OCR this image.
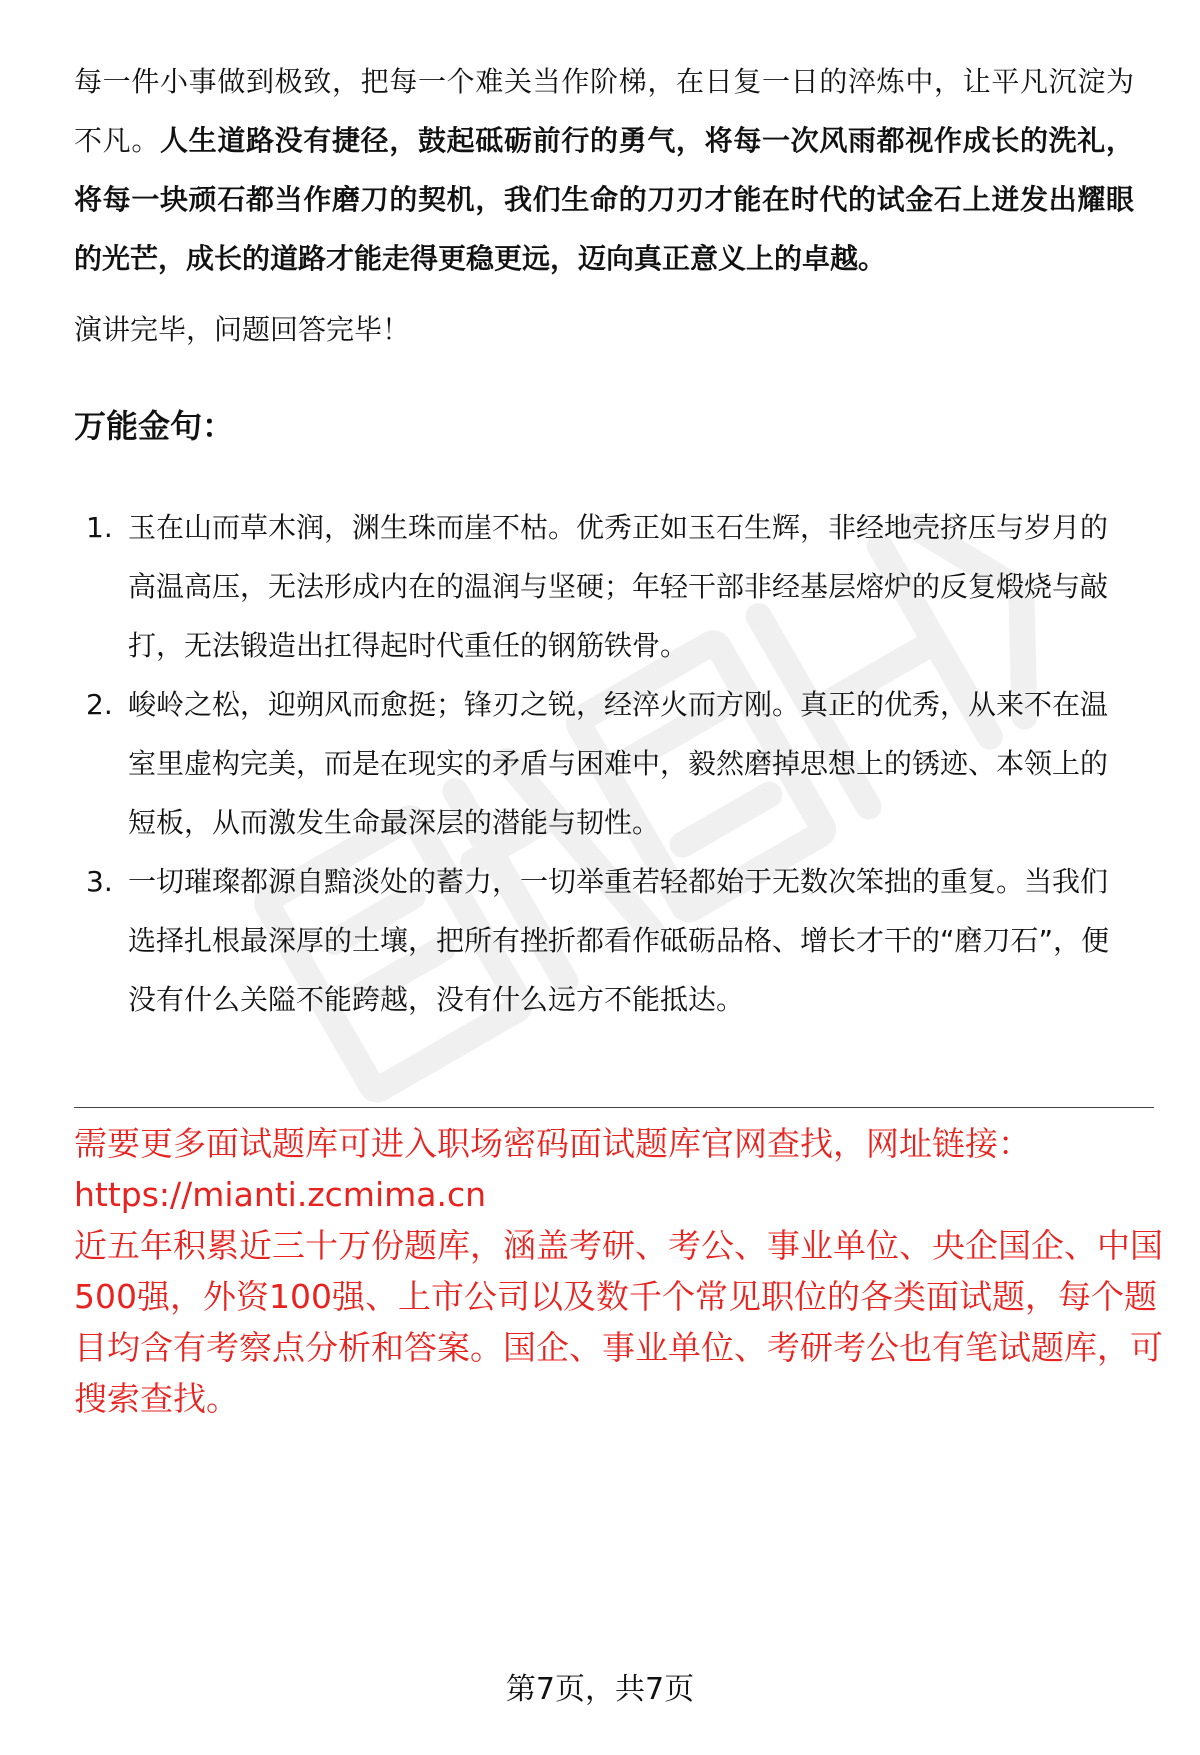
每一件小事做到极致，把每一个难关当作阶梯，在日复一日的淬炼中，让平凡沉淀为不凡。人生道路没有捷径，鼓起砥砺前行的勇气，将每一次风雨都视作成长的洗礼，将每一块顽石都当作磨刀的契机，我们生命的刀刃才能在时代的试金石上迸发出耀眼的光芒，成长的道路才能走得更稳更远，迈向真正意义上的卓越。

演讲完毕，问题回答完毕！

万能金句：
1. 玉在山而草木润，渊生珠而崖不枯。优秀正如玉石生辉，非经地壳挤压与岁月的高温高压，无法形成内在的温润与坚硬；年轻干部非经基层熔炉的反复煅烧与敲打，无法锻造出扛得起时代重任的钢筋铁骨。
2. 峻岭之松，迎朔风而愈挺；锋刃之锐，经淬火而方刚。真正的优秀，从来不在温室里虚构完美，而是在现实的矛盾与困难中，毅然磨掉思想上的锈迹、本领上的短板，从而激发生命最深层的潜能与韧性。
3. 一切璀璨都源自黯淡处的蓄力，一切举重若轻都始于无数次笨拙的重复。当我们选择扎根最深厚的土壤，把所有挫折都看作砥砺品格、增长才干的“磨刀石”，便没有什么关隘不能跨越，没有什么远方不能抵达。

需要更多面试题库可进入职场密码面试题库官网查找，网址链接：

https://mianti.zcmima.cn

近五年积累近三十万份题库，涵盖考研、考公、事业单位、央企国企、中国500强，外资100强、上市公司以及数千个常见职位的各类面试题，每个题目均含有考察点分析和答案。国企、事业单位、考研考公也有笔试题库，可搜索查找。

第7页，共7页
